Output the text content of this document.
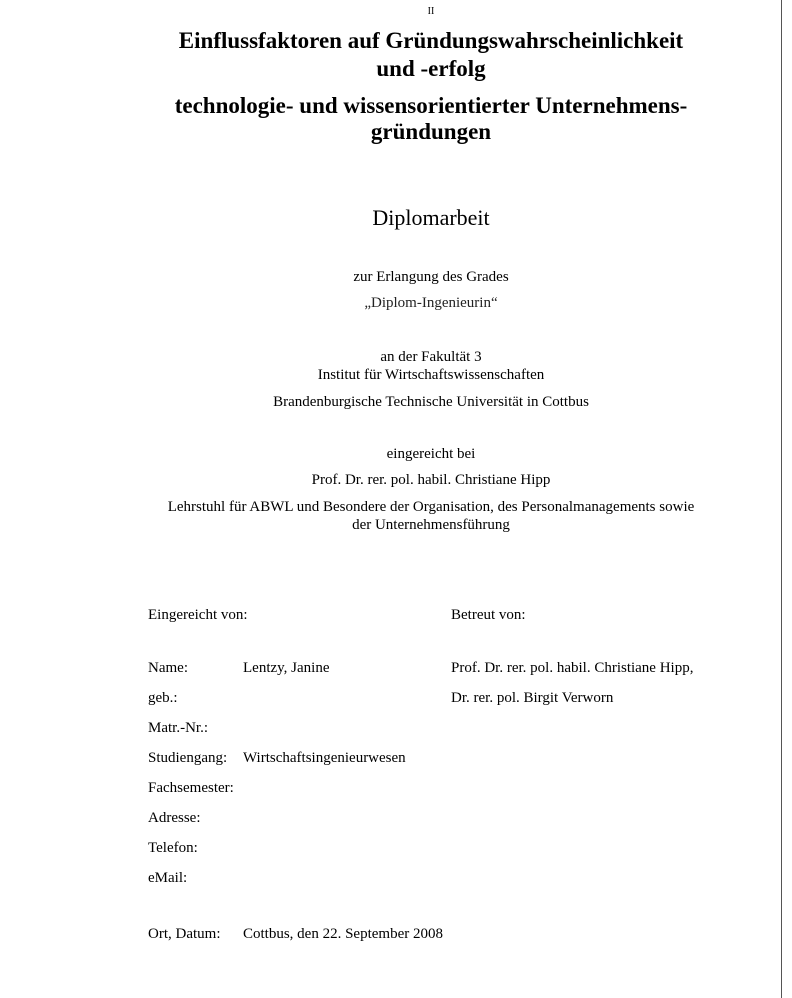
II
Einflussfaktoren auf Gründungswahrscheinlichkeit
und -erfolg
technologie- und wissensorientierter Unternehmens-
gründungen
Diplomarbeit
zur Erlangung des Grades
„Diplom-Ingenieurin“
an der Fakultät 3
Institut für Wirtschaftswissenschaften
Brandenburgische Technische Universität in Cottbus
eingereicht bei
Prof. Dr. rer. pol. habil. Christiane Hipp
Lehrstuhl für ABWL und Besondere der Organisation, des Personalmanagements sowie
der Unternehmensführung
Eingereicht von:	Betreut von:
Name:	Lentzy, Janine
geb.:
Matr.-Nr.:
Studiengang: Wirtschaftsingenieurwesen
Fachsemester:
Adresse:
Telefon:
eMail:
Prof. Dr. rer. pol. habil. Christiane Hipp,
Dr. rer. pol. Birgit Verworn
Ort, Datum: Cottbus, den 22. September 2008
